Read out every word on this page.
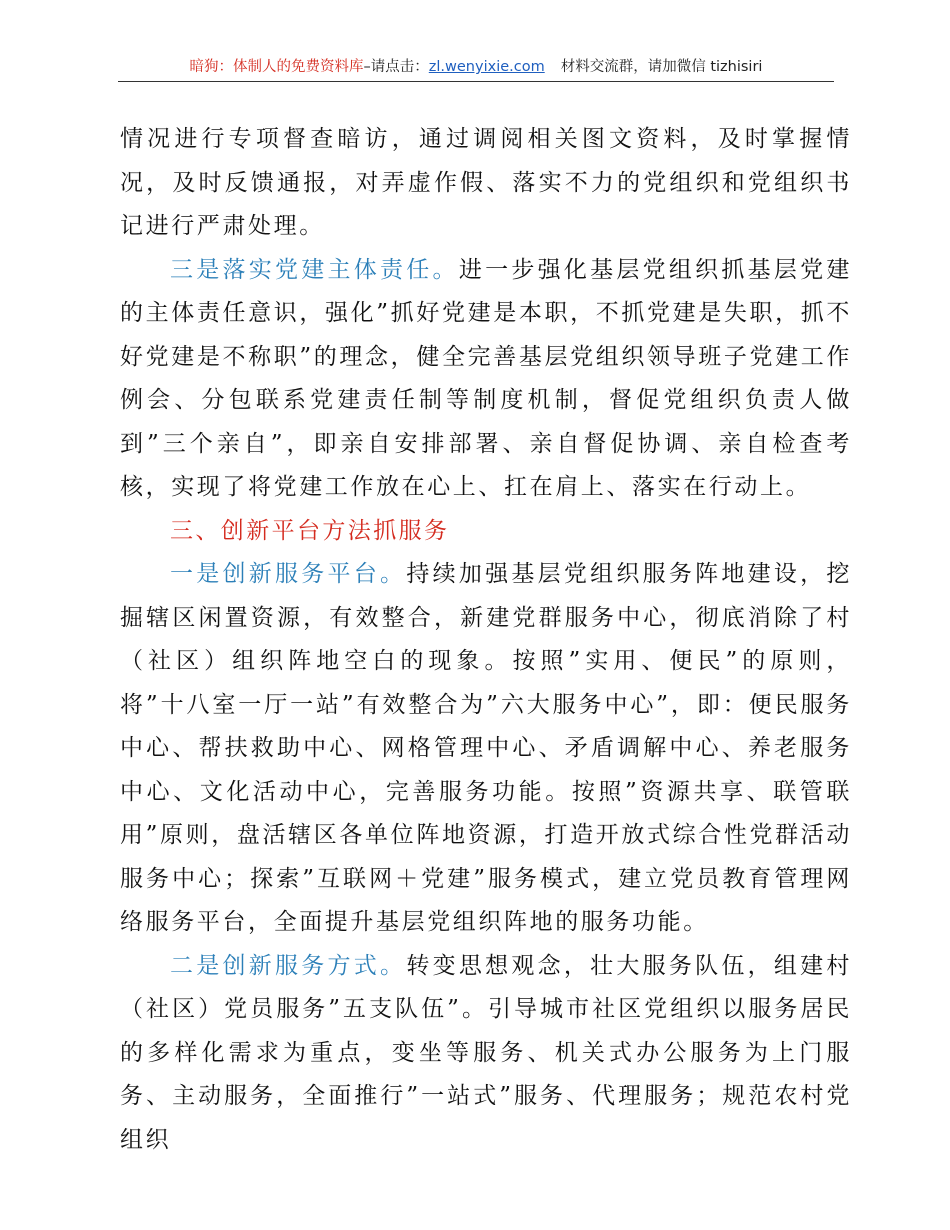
暗狗：体制人的免费资料库–请点击：zl.wenyixie.com 材料交流群，请加微信 tizhisiri

情况进行专项督查暗访，通过调阅相关图文资料，及时掌握情况，及时反馈通报，对弄虚作假、落实不力的党组织和党组织书记进行严肃处理。

三是落实党建主体责任。进一步强化基层党组织抓基层党建的主体责任意识，强化”抓好党建是本职，不抓党建是失职，抓不好党建是不称职”的理念，健全完善基层党组织领导班子党建工作例会、分包联系党建责任制等制度机制，督促党组织负责人做到”三个亲自”，即亲自安排部署、亲自督促协调、亲自检查考核，实现了将党建工作放在心上、扛在肩上、落实在行动上。

三、创新平台方法抓服务

一是创新服务平台。持续加强基层党组织服务阵地建设，挖掘辖区闲置资源，有效整合，新建党群服务中心，彻底消除了村（社区）组织阵地空白的现象。按照”实用、便民”的原则，将”十八室一厅一站”有效整合为”六大服务中心”，即：便民服务中心、帮扶救助中心、网格管理中心、矛盾调解中心、养老服务中心、文化活动中心，完善服务功能。按照”资源共享、联管联用”原则，盘活辖区各单位阵地资源，打造开放式综合性党群活动服务中心；探索”互联网＋党建”服务模式，建立党员教育管理网络服务平台，全面提升基层党组织阵地的服务功能。

二是创新服务方式。转变思想观念，壮大服务队伍，组建村（社区）党员服务”五支队伍”。引导城市社区党组织以服务居民的多样化需求为重点，变坐等服务、机关式办公服务为上门服务、主动服务，全面推行”一站式”服务、代理服务；规范农村党组织
